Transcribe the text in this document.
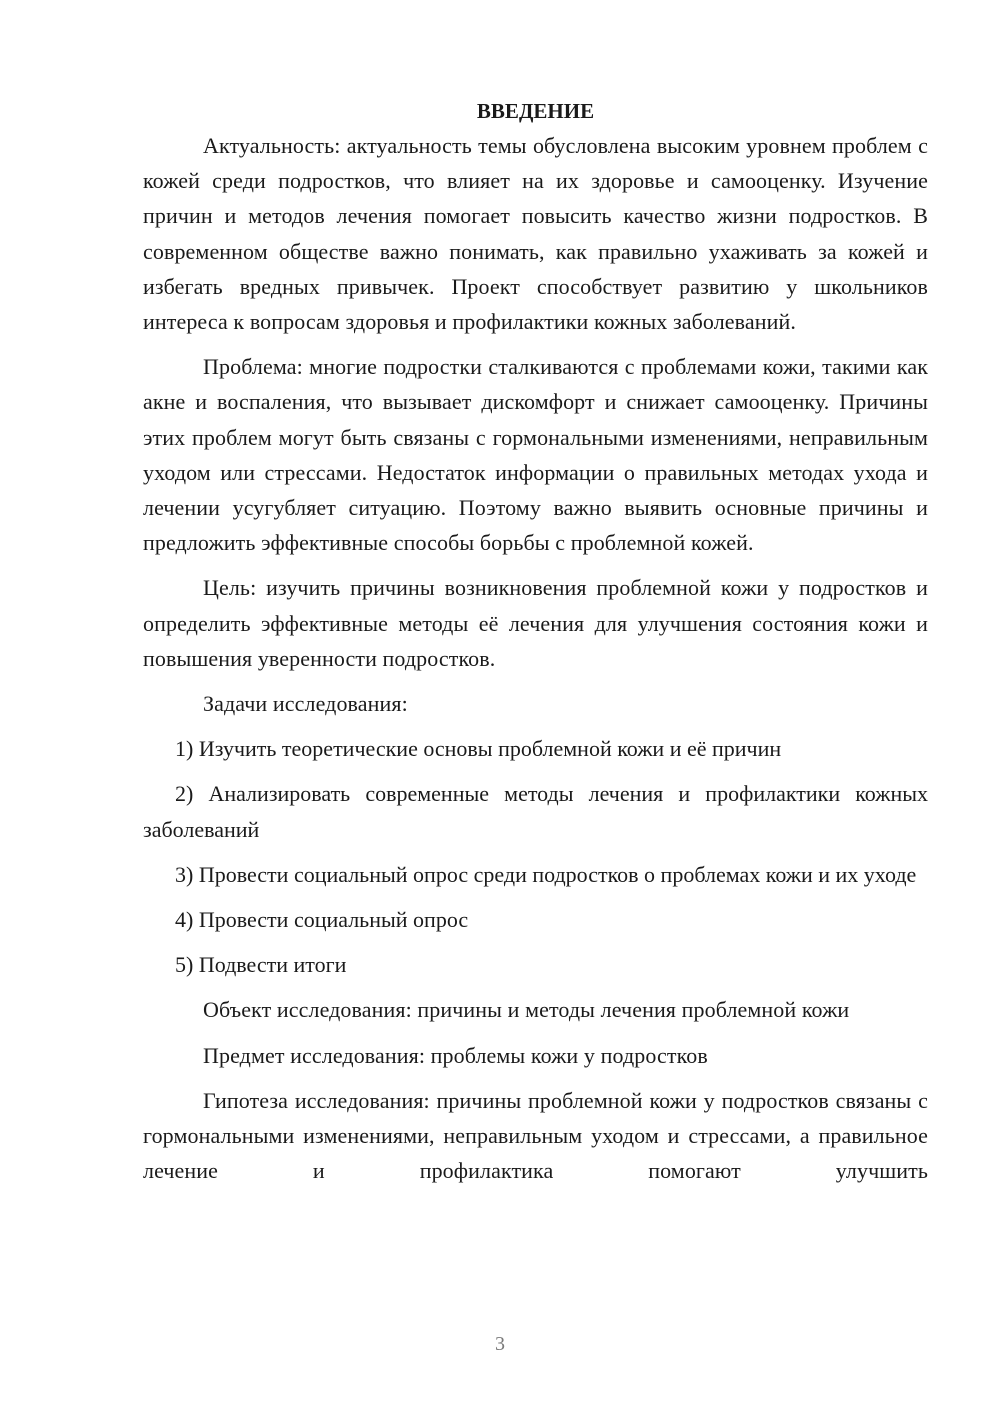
ВВЕДЕНИЕ

Актуальность: актуальность темы обусловлена высоким уровнем проблем с кожей среди подростков, что влияет на их здоровье и самооценку. Изучение причин и методов лечения помогает повысить качество жизни подростков. В современном обществе важно понимать, как правильно ухаживать за кожей и избегать вредных привычек. Проект способствует развитию у школьников интереса к вопросам здоровья и профилактики кожных заболеваний.

Проблема: многие подростки сталкиваются с проблемами кожи, такими как акне и воспаления, что вызывает дискомфорт и снижает самооценку. Причины этих проблем могут быть связаны с гормональными изменениями, неправильным уходом или стрессами. Недостаток информации о правильных методах ухода и лечении усугубляет ситуацию. Поэтому важно выявить основные причины и предложить эффективные способы борьбы с проблемной кожей.

Цель: изучить причины возникновения проблемной кожи у подростков и определить эффективные методы её лечения для улучшения состояния кожи и повышения уверенности подростков.

Задачи исследования:

1) Изучить теоретические основы проблемной кожи и её причин

2) Анализировать современные методы лечения и профилактики кожных заболеваний

3) Провести социальный опрос среди подростков о проблемах кожи и их уходе

4) Провести социальный опрос

5) Подвести итоги

Объект исследования: причины и методы лечения проблемной кожи

Предмет исследования: проблемы кожи у подростков

Гипотеза исследования: причины проблемной кожи у подростков связаны с гормональными изменениями, неправильным уходом и стрессами, а правильное лечение и профилактика помогают улучшить

3
